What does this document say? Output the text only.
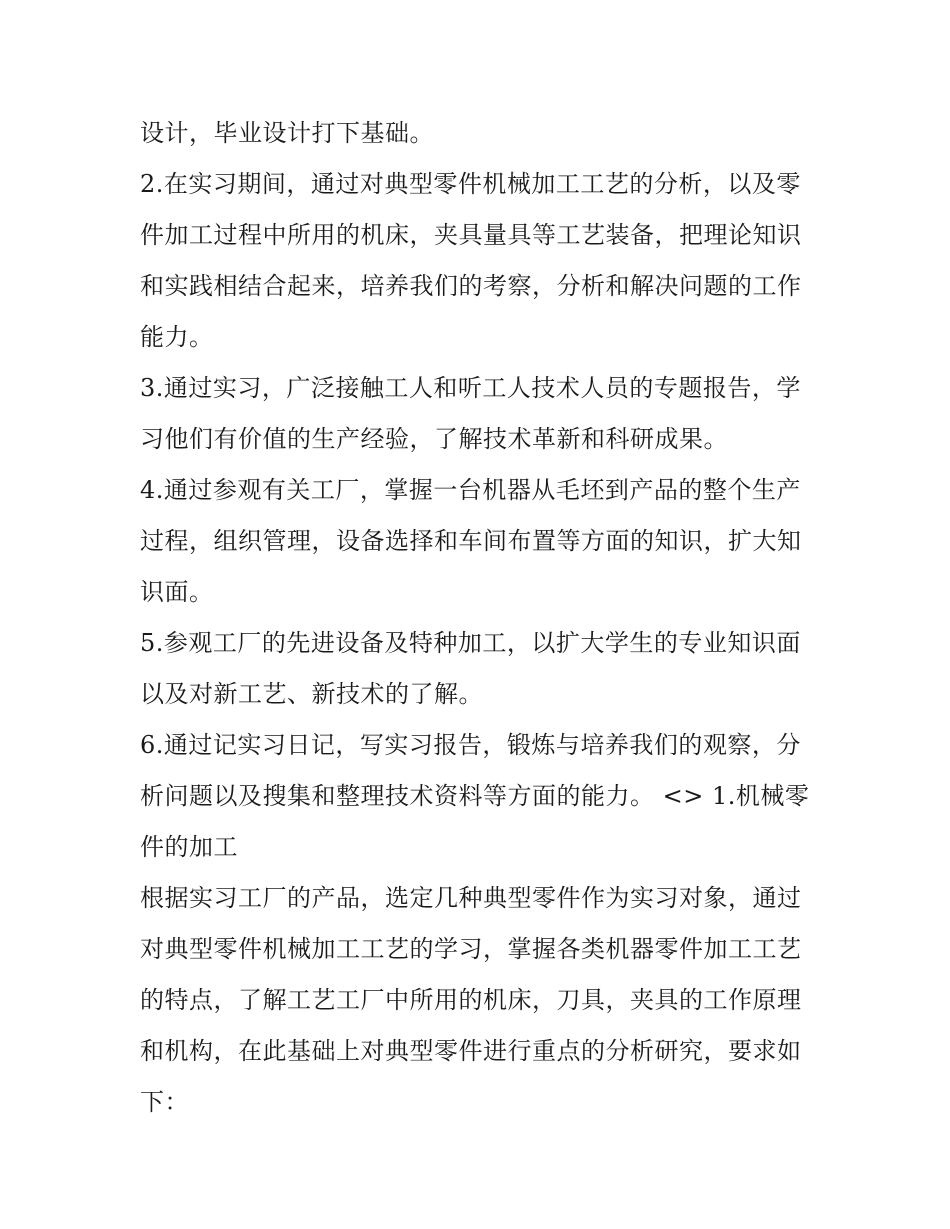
设计，毕业设计打下基础。
2.在实习期间，通过对典型零件机械加工工艺的分析，以及零
件加工过程中所用的机床，夹具量具等工艺装备，把理论知识
和实践相结合起来，培养我们的考察，分析和解决问题的工作
能力。
3.通过实习，广泛接触工人和听工人技术人员的专题报告，学
习他们有价值的生产经验，了解技术革新和科研成果。
4.通过参观有关工厂，掌握一台机器从毛坯到产品的整个生产
过程，组织管理，设备选择和车间布置等方面的知识，扩大知
识面。
5.参观工厂的先进设备及特种加工，以扩大学生的专业知识面
以及对新工艺、新技术的了解。
6.通过记实习日记，写实习报告，锻炼与培养我们的观察，分
析问题以及搜集和整理技术资料等方面的能力。 <> 1.机械零
件的加工
根据实习工厂的产品，选定几种典型零件作为实习对象，通过
对典型零件机械加工工艺的学习，掌握各类机器零件加工工艺
的特点，了解工艺工厂中所用的机床，刀具，夹具的工作原理
和机构，在此基础上对典型零件进行重点的分析研究，要求如
下：
